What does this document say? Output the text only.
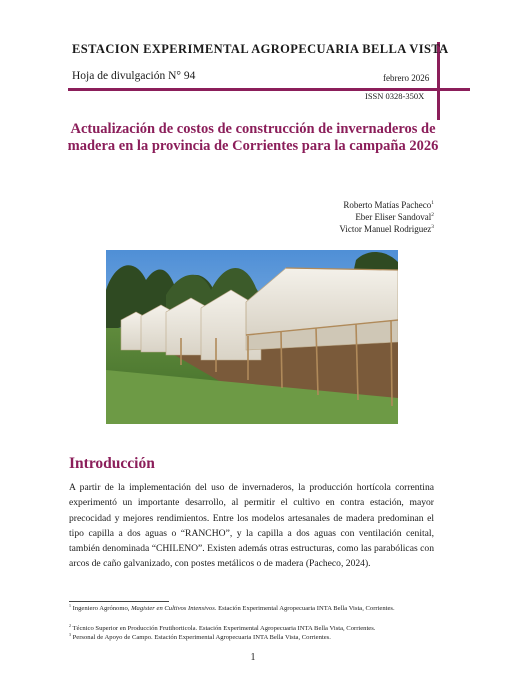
ESTACION EXPERIMENTAL AGROPECUARIA BELLA VISTA
Hoja de divulgación N° 94	febrero 2026
ISSN 0328-350X
Actualización de costos de construcción de invernaderos de madera en la provincia de Corrientes para la campaña 2026
Roberto Matías Pacheco$^1$
Eber Eliser Sandoval$^2$
Victor Manuel Rodriguez$^3$
Introducción
A partir de la implementación del uso de invernaderos, la producción hortícola correntina experimentó un importante desarrollo, al permitir el cultivo en contra estación, mayor precocidad y mejores rendimientos. Entre los modelos artesanales de madera predominan el tipo capilla a dos aguas o “RANCHO”, y la capilla a dos aguas con ventilación cenital, también denominada “CHILENO”. Existen además otras estructuras, como las parabólicas con arcos de caño galvanizado, con postes metálicos o de madera (Pacheco, 2024).
$^1$ Ingeniero Agrónomo, Magister en Cultivos Intensivos. Estación Experimental Agropecuaria INTA Bella Vista, Corrientes.
$^2$ Técnico Superior en Producción Frutihorticola. Estación Experimental Agropecuaria INTA Bella Vista, Corrientes.
$^3$ Personal de Apoyo de Campo. Estación Experimental Agropecuaria INTA Bella Vista, Corrientes.
1
